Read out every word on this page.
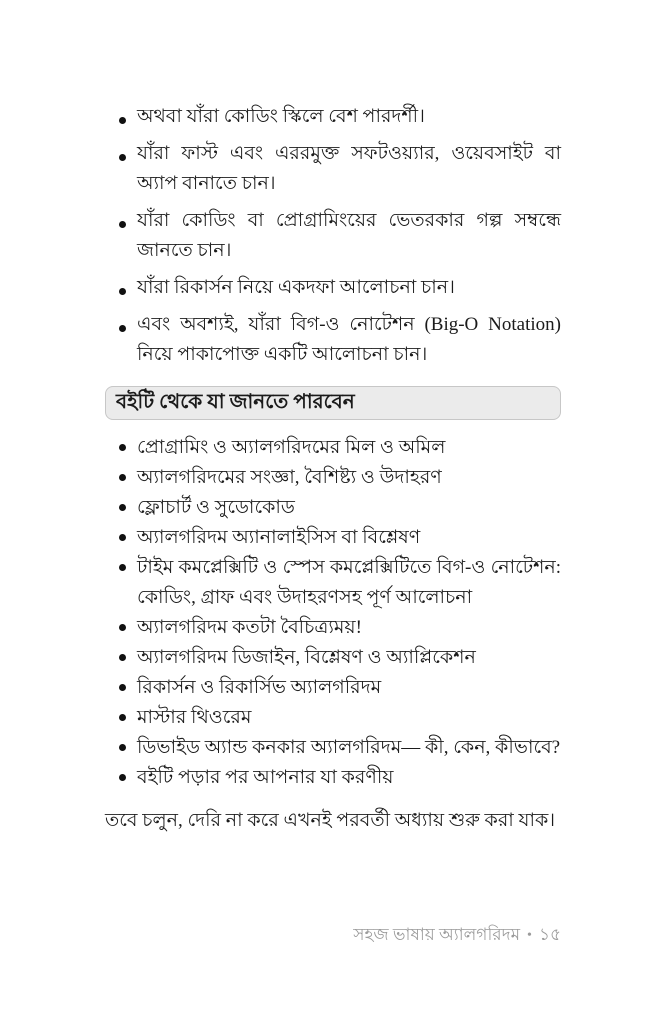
অথবা যাঁরা কোডিং স্কিলে বেশ পারদর্শী।
যাঁরা ফাস্ট এবং এররমুক্ত সফটওয়্যার, ওয়েবসাইট বা অ্যাপ বানাতে চান।
যাঁরা কোডিং বা প্রোগ্রামিংয়ের ভেতরকার গল্প সম্বন্ধে জানতে চান।
যাঁরা রিকার্সন নিয়ে একদফা আলোচনা চান।
এবং অবশ্যই, যাঁরা বিগ-ও নোটেশন (Big-O Notation) নিয়ে পাকাপোক্ত একটি আলোচনা চান।
বইটি থেকে যা জানতে পারবেন
প্রোগ্রামিং ও অ্যালগরিদমের মিল ও অমিল
অ্যালগরিদমের সংজ্ঞা, বৈশিষ্ট্য ও উদাহরণ
ফ্লোচার্ট ও সুডোকোড
অ্যালগরিদম অ্যানালাইসিস বা বিশ্লেষণ
টাইম কমপ্লেক্সিটি ও স্পেস কমপ্লেক্সিটিতে বিগ-ও নোটেশন: কোডিং, গ্রাফ এবং উদাহরণসহ পূর্ণ আলোচনা
অ্যালগরিদম কতটা বৈচিত্র্যময়!
অ্যালগরিদম ডিজাইন, বিশ্লেষণ ও অ্যাপ্লিকেশন
রিকার্সন ও রিকার্সিভ অ্যালগরিদম
মাস্টার থিওরেম
ডিভাইড অ্যান্ড কনকার অ্যালগরিদম— কী, কেন, কীভাবে?
বইটি পড়ার পর আপনার যা করণীয়

তবে চলুন, দেরি না করে এখনই পরবর্তী অধ্যায় শুরু করা যাক।

সহজ ভাষায় অ্যালগরিদম • ১৫
